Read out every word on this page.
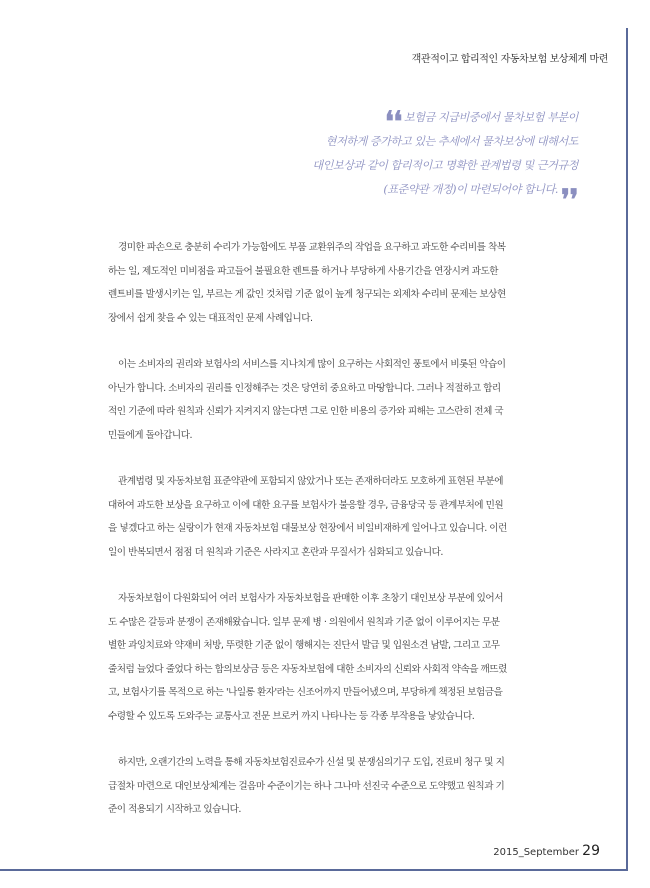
객관적이고 합리적인 자동차보험 보상체계 마련
❛❛ 보험금 지급비중에서 물차보험 부분이
현저하게 증가하고 있는 추세에서 물차보상에 대해서도
대인보상과 같이 합리적이고 명확한 관계법령 및 근거규정
(표준약관 개정)이 마련되어야 합니다. ❜❜
경미한 파손으로 충분히 수리가 가능함에도 부품 교환위주의 작업을 요구하고 과도한 수리비를 착복
하는 일, 제도적인 미비점을 파고들어 불필요한 렌트를 하거나 부당하게 사용기간을 연장시켜 과도한
렌트비를 발생시키는 일, 부르는 게 값인 것처럼 기준 없이 높게 청구되는 외제차 수리비 문제는 보상현
장에서 쉽게 찾을 수 있는 대표적인 문제 사례입니다.
이는 소비자의 권리와 보험사의 서비스를 지나치게 많이 요구하는 사회적인 풍토에서 비롯된 악습이
아닌가 합니다. 소비자의 권리를 인정해주는 것은 당연히 중요하고 마땅합니다. 그러나 적절하고 합리
적인 기준에 따라 원칙과 신뢰가 지켜지지 않는다면 그로 인한 비용의 증가와 피해는 고스란히 전체 국
민들에게 돌아갑니다.
관계법령 및 자동차보험 표준약관에 포함되지 않았거나 또는 존재하더라도 모호하게 표현된 부분에
대하여 과도한 보상을 요구하고 이에 대한 요구를 보험사가 불응할 경우, 금융당국 등 관계부처에 민원
을 넣겠다고 하는 실랑이가 현재 자동차보험 대물보상 현장에서 비일비재하게 일어나고 있습니다. 이런
일이 반복되면서 점점 더 원칙과 기준은 사라지고 혼란과 무질서가 심화되고 있습니다.
자동차보험이 다원화되어 여러 보험사가 자동차보험을 판매한 이후 초창기 대인보상 부분에 있어서
도 수많은 갈등과 분쟁이 존재해왔습니다. 일부 문제 병 · 의원에서 원칙과 기준 없이 이루어지는 무분
별한 과잉치료와 약재비 처방, 뚜렷한 기준 없이 행해지는 진단서 발급 및 입원소견 남발, 그리고 고무
줄처럼 늘었다 줄었다 하는 합의보상금 등은 자동차보험에 대한 소비자의 신뢰와 사회적 약속을 깨뜨렸
고, 보험사기를 목적으로 하는 '나일롱 환자'라는 신조어까지 만들어냈으며, 부당하게 책정된 보험금을
수령할 수 있도록 도와주는 교통사고 전문 브로커 까지 나타나는 등 각종 부작용을 낳았습니다.
하지만, 오랜기간의 노력을 통해 자동차보험진료수가 신설 및 분쟁심의기구 도입, 진료비 청구 및 지
급절차 마련으로 대인보상체계는 걸음마 수준이기는 하나 그나마 선진국 수준으로 도약했고 원칙과 기
준이 적용되기 시작하고 있습니다.
2015_September 29
